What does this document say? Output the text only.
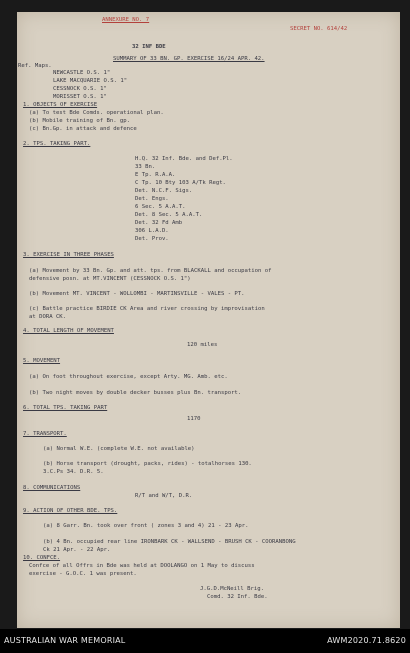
ANNEXURE NO. 7
SECRET NO. 614/42
32 INF BDE
SUMMARY OF 33 BN. GP. EXERCISE 16/24 APR. 42.
Ref. Maps.
NEWCASTLE O.S. 1"
LAKE MACQUARIE O.S. 1"
CESSNOCK O.S. 1"
MORISSET O.S. 1"
1. OBJECTS OF EXERCISE
(a) To test Bde Comds. operational plan.
(b) Mobile training of Bn. gp.
(c) Bn.Gp. in attack and defence
2. TPS. TAKING PART.
H.Q. 32 Inf. Bde. and Def.Pl.
33 Bn.
E Tp. R.A.A.
C Tp. 10 Bty 103 A/Tk Regt.
Det. N.C.F. Sigs.
Det. Engs.
6 Sec. 5 A.A.T.
Det. 8 Sec. 5 A.A.T.
Det. 32 Fd Amb
306 L.A.D.
Det. Prov.
3. EXERCISE IN THREE PHASES
(a) Movement by 33 Bn. Gp. and att. tps. from BLACKALL and occupation of
defensive posn. at MT.VINCENT (CESSNOCK O.S. 1")
(b) Movement MT. VINCENT - WOLLOMBI - MARTINSVILLE - VALES - PT.
(c) Battle practice BIRDIE CK Area and river crossing by improvisation
at DORA CK.
4. TOTAL LENGTH OF MOVEMENT
120 miles
5. MOVEMENT
(a) On foot throughout exercise, except Arty. MG. Amb. etc.
(b) Two night moves by double decker busses plus Bn. transport.
6. TOTAL TPS. TAKING PART
1170
7. TRANSPORT.
(a) Normal W.E. (complete W.E. not available)
(b) Horse transport (drought, packs, rides) - totalhorses 130.
3.C.Ps 34. D.R. 5.
8. COMMUNICATIONS
R/T and W/T, D.R.
9. ACTION OF OTHER BDE. TPS.
(a) 8 Garr. Bn. took over front ( zones 3 and 4) 21 - 23 Apr.
(b) 4 Bn. occupied rear line IRONBARK CK - WALLSEND - BRUSH CK - COORANBONG
Ck 21 Apr. - 22 Apr.
10. CONFCE.
Confce of all Offrs in Bde was held at DOOLANGO on 1 May to discuss
exercise - G.O.C. 1 was present.
J.G.D.McNeill Brig.
Comd. 32 Inf. Bde.
AUSTRALIAN WAR MEMORIAL	AWM2020.71.8620
